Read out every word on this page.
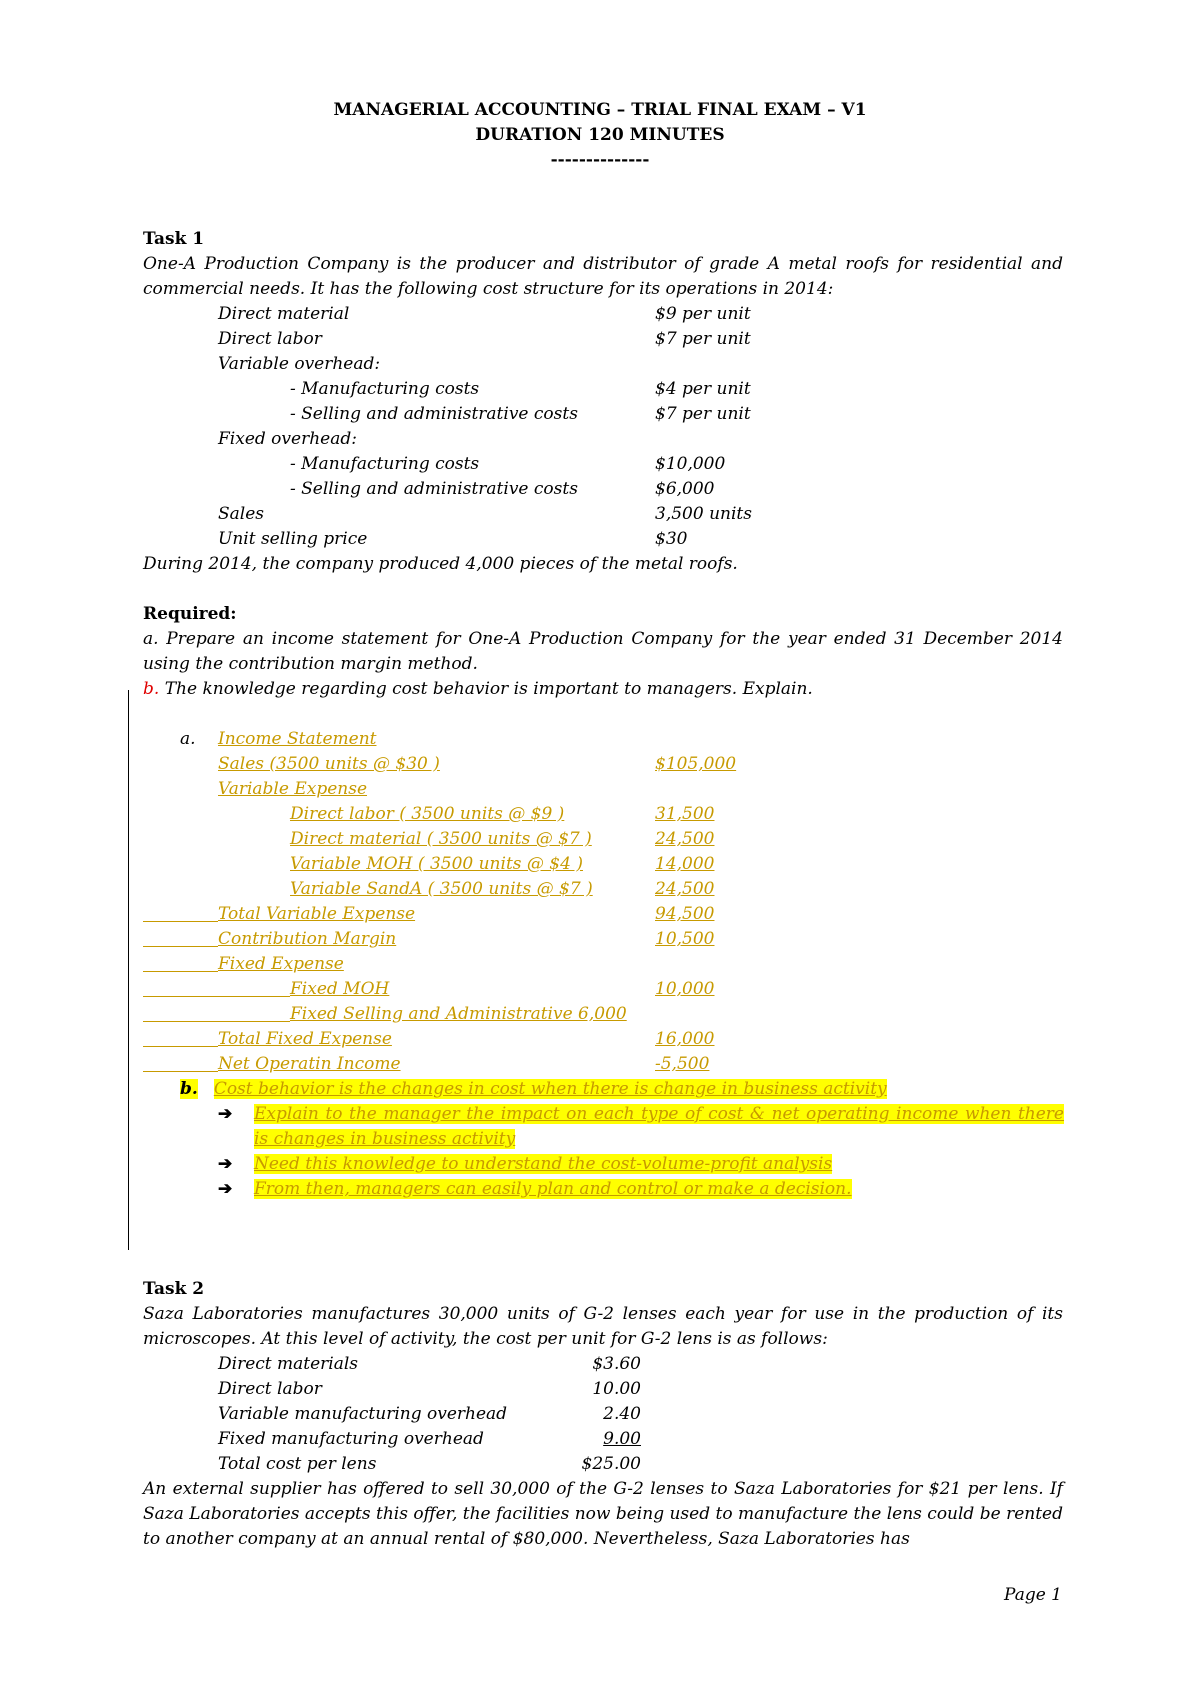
MANAGERIAL ACCOUNTING – TRIAL FINAL EXAM – V1
DURATION 120 MINUTES
--------------
Task 1
One-A Production Company is the producer and distributor of grade A metal roofs for residential and commercial needs. It has the following cost structure for its operations in 2014:
Direct material	$9 per unit
Direct labor	$7 per unit
Variable overhead:
- Manufacturing costs	$4 per unit
- Selling and administrative costs	$7 per unit
Fixed overhead:
- Manufacturing costs	$10,000
- Selling and administrative costs	$6,000
Sales	3,500 units
Unit selling price	$30
During 2014, the company produced 4,000 pieces of the metal roofs.
Required:
a. Prepare an income statement for One-A Production Company for the year ended 31 December 2014 using the contribution margin method.
b. The knowledge regarding cost behavior is important to managers. Explain.
a. Income Statement
Sales (3500 units @ $30 )	$105,000
Variable Expense
Direct labor ( 3500 units @ $9 )	31,500
Direct material ( 3500 units @ $7 )	24,500
Variable MOH ( 3500 units @ $4 )	14,000
Variable SandA ( 3500 units @ $7 )	24,500
Total Variable Expense	94,500
Contribution Margin	10,500
Fixed Expense
Fixed MOH	10,000
Fixed Selling and Administrative 6,000
Total Fixed Expense	16,000
Net Operatin Income	-5,500
b. Cost behavior is the changes in cost when there is change in business activity
➔ Explain to the manager the impact on each type of cost & net operating income when there is changes in business activity
➔ Need this knowledge to understand the cost-volume-profit analysis
➔ From then, managers can easily plan and control or make a decision.
Task 2
Saza Laboratories manufactures 30,000 units of G-2 lenses each year for use in the production of its microscopes. At this level of activity, the cost per unit for G-2 lens is as follows:
Direct materials	$3.60
Direct labor	10.00
Variable manufacturing overhead	2.40
Fixed manufacturing overhead	9.00
Total cost per lens	$25.00
An external supplier has offered to sell 30,000 of the G-2 lenses to Saza Laboratories for $21 per lens. If Saza Laboratories accepts this offer, the facilities now being used to manufacture the lens could be rented to another company at an annual rental of $80,000. Nevertheless, Saza Laboratories has
Page 1
